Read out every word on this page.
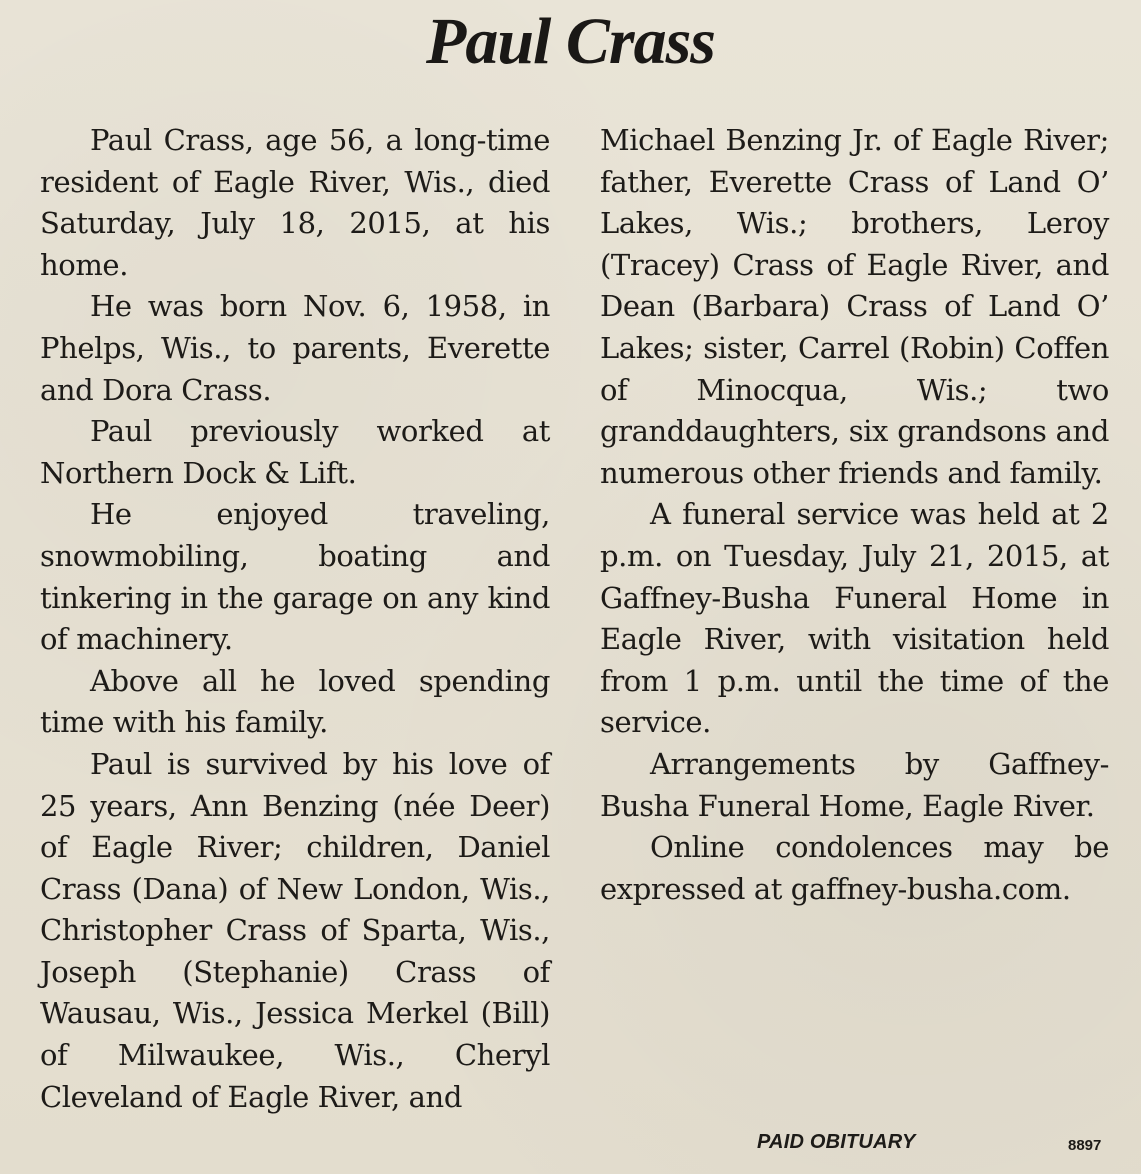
Paul Crass

Paul Crass, age 56, a long-time resident of Eagle River, Wis., died Saturday, July 18, 2015, at his home.

He was born Nov. 6, 1958, in Phelps, Wis., to parents, Everette and Dora Crass.

Paul previously worked at Northern Dock & Lift.

He enjoyed traveling, snowmobiling, boating and tinkering in the garage on any kind of machinery.

Above all he loved spending time with his family.

Paul is survived by his love of 25 years, Ann Benzing (née Deer) of Eagle River; children, Daniel Crass (Dana) of New London, Wis., Christopher Crass of Sparta, Wis., Joseph (Stephanie) Crass of Wausau, Wis., Jessica Merkel (Bill) of Milwaukee, Wis., Cheryl Cleveland of Eagle River, and

Michael Benzing Jr. of Eagle River; father, Everette Crass of Land O’ Lakes, Wis.; brothers, Leroy (Tracey) Crass of Eagle River, and Dean (Barbara) Crass of Land O’ Lakes; sister, Carrel (Robin) Coffen of Minocqua, Wis.; two granddaughters, six grandsons and numerous other friends and family.

A funeral service was held at 2 p.m. on Tuesday, July 21, 2015, at Gaffney-Busha Funeral Home in Eagle River, with visitation held from 1 p.m. until the time of the service.

Arrangements by Gaffney-Busha Funeral Home, Eagle River.

Online condolences may be expressed at gaffney-busha.com.

PAID OBITUARY	8897
